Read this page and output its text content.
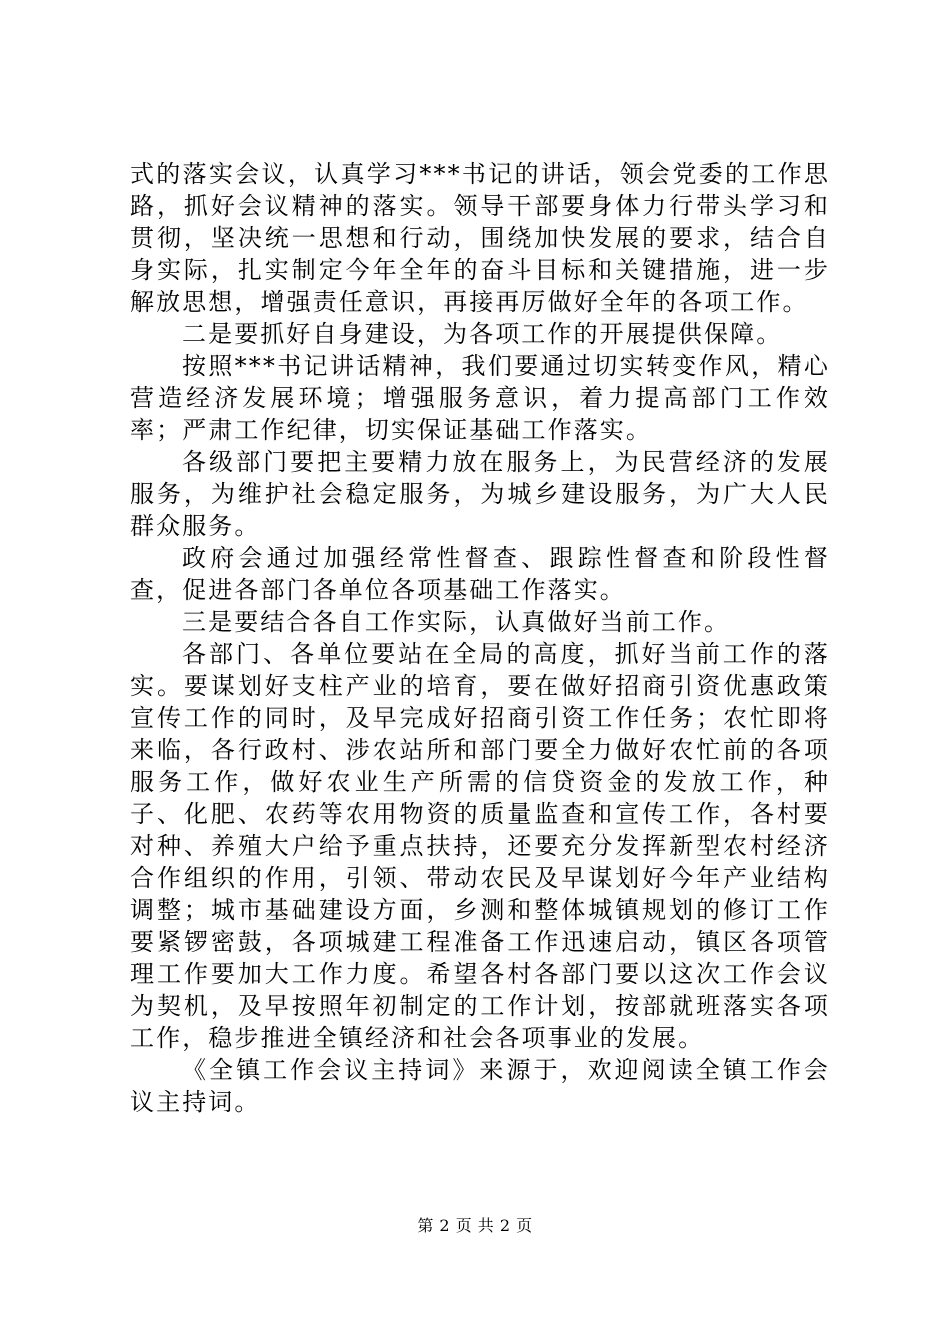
式的落实会议，认真学习***书记的讲话，领会党委的工作思路，抓好会议精神的落实。领导干部要身体力行带头学习和贯彻，坚决统一思想和行动，围绕加快发展的要求，结合自身实际，扎实制定今年全年的奋斗目标和关键措施，进一步解放思想，增强责任意识，再接再厉做好全年的各项工作。

二是要抓好自身建设，为各项工作的开展提供保障。

按照***书记讲话精神，我们要通过切实转变作风，精心营造经济发展环境；增强服务意识，着力提高部门工作效率；严肃工作纪律，切实保证基础工作落实。

各级部门要把主要精力放在服务上，为民营经济的发展服务，为维护社会稳定服务，为城乡建设服务，为广大人民群众服务。

政府会通过加强经常性督查、跟踪性督查和阶段性督查，促进各部门各单位各项基础工作落实。

三是要结合各自工作实际，认真做好当前工作。

各部门、各单位要站在全局的高度，抓好当前工作的落实。要谋划好支柱产业的培育，要在做好招商引资优惠政策宣传工作的同时，及早完成好招商引资工作任务；农忙即将来临，各行政村、涉农站所和部门要全力做好农忙前的各项服务工作，做好农业生产所需的信贷资金的发放工作，种子、化肥、农药等农用物资的质量监查和宣传工作，各村要对种、养殖大户给予重点扶持，还要充分发挥新型农村经济合作组织的作用，引领、带动农民及早谋划好今年产业结构调整；城市基础建设方面，乡测和整体城镇规划的修订工作要紧锣密鼓，各项城建工程准备工作迅速启动，镇区各项管理工作要加大工作力度。希望各村各部门要以这次工作会议为契机，及早按照年初制定的工作计划，按部就班落实各项工作，稳步推进全镇经济和社会各项事业的发展。

《全镇工作会议主持词》来源于，欢迎阅读全镇工作会议主持词。

第 2 页 共 2 页
